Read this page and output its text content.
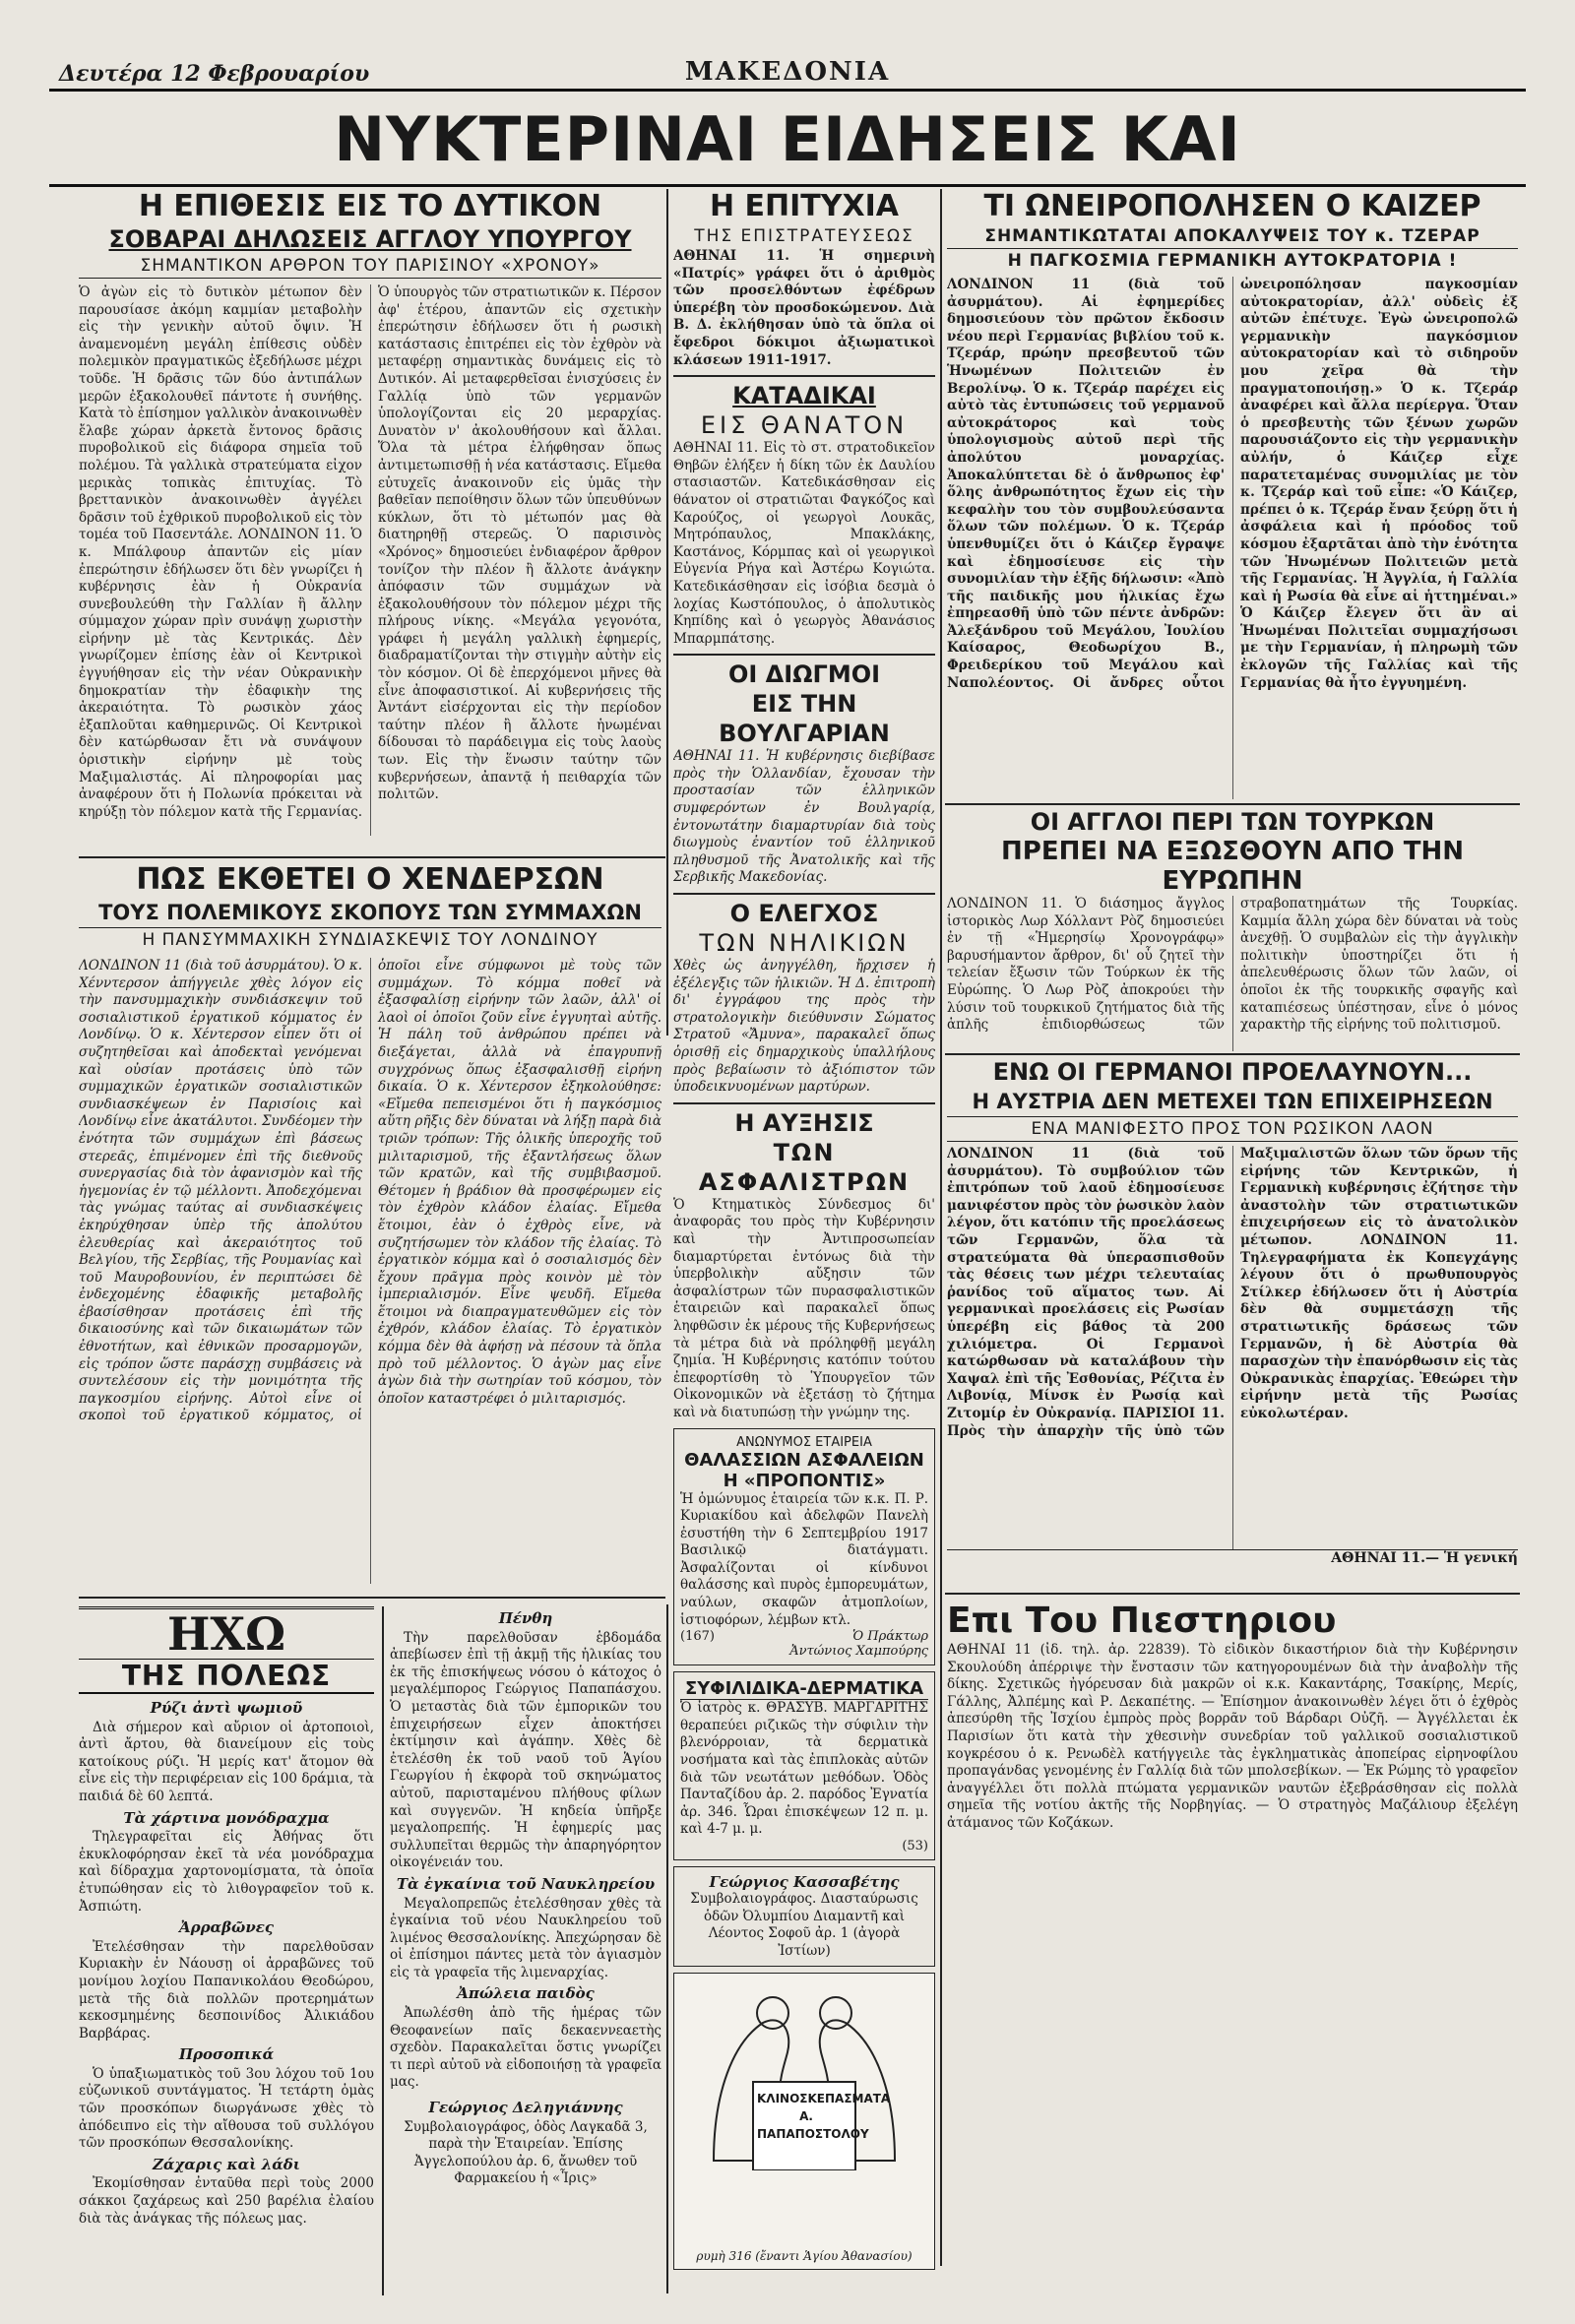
Δευτέρα 12 Φεβρουαρίου	ΜΑΚΕΔΟΝΙΑ
ΝΥΚΤΕΡΙΝΑΙ ΕΙΔΗΣΕΙΣ ΚΑΙ
Η ΕΠΙΘΕΣΙΣ ΕΙΣ ΤΟ ΔΥΤΙΚΟΝ
ΣΟΒΑΡΑΙ ΔΗΛΩΣΕΙΣ ΑΓΓΛΟΥ ΥΠΟΥΡΓΟΥ
ΣΗΜΑΝΤΙΚΟΝ ΑΡΘΡΟΝ ΤΟΥ ΠΑΡΙΣΙΝΟΥ «ΧΡΟΝΟΥ»
Ὁ ἀγὼν εἰς τὸ δυτικὸν μέτωπον δὲν παρουσίασε ἀκόμη καμμίαν μεταβολὴν εἰς τὴν γενικὴν αὐτοῦ ὄψιν. Ἡ ἀναμενομένη μεγάλη ἐπίθεσις οὐδὲν πολεμικὸν πραγματικῶς ἐξεδήλωσε μέχρι τοῦδε. Ἡ δρᾶσις τῶν δύο ἀντιπάλων μερῶν ἐξακολουθεῖ πάντοτε ἡ συνήθης. Κατὰ τὸ ἐπίσημον γαλλικὸν ἀνακοινωθὲν ἔλαβε χώραν ἀρκετὰ ἔντονος δρᾶσις πυροβολικοῦ εἰς διάφορα σημεῖα τοῦ πολέμου. Τὰ γαλλικὰ στρατεύματα εἰχον μερικὰς τοπικὰς ἐπιτυχίας. Τὸ βρεττανικὸν ἀνακοινωθὲν ἀγγέλει δρᾶσιν τοῦ ἐχθρικοῦ πυροβολικοῦ εἰς τὸν τομέα τοῦ Πασεντάλε. ΛΟΝΔΙΝΟΝ 11. Ὁ κ. Μπάλφουρ ἀπαντῶν εἰς μίαν ἐπερώτησιν ἐδήλωσεν ὅτι δὲν γνωρίζει ἡ κυβέρνησις ἐὰν ἡ Οὐκρανία συνεβουλεύθη τὴν Γαλλίαν ἢ ἄλλην σύμμαχον χώραν πρὶν συνάψῃ χωριστὴν εἰρήνην μὲ τὰς Κεντρικάς. Δὲν γνωρίζομεν ἐπίσης ἐὰν οἱ Κεντρικοὶ ἐγγυήθησαν εἰς τὴν νέαν Οὐκρανικὴν δημοκρατίαν τὴν ἐδαφικὴν της ἀκεραιότητα. Τὸ ρωσικὸν χάος ἐξαπλοῦται καθημερινῶς. Οἱ Κεντρικοὶ δὲν κατώρθωσαν ἔτι νὰ συνάψουν ὁριστικὴν εἰρήνην μὲ τοὺς Μαξιμαλιστάς. Αἱ πληροφορίαι μας ἀναφέρουν ὅτι ἡ Πολωνία πρόκειται νὰ κηρύξῃ τὸν πόλεμον κατὰ τῆς Γερμανίας. Ὁ ὑπουργὸς τῶν στρατιωτικῶν κ. Πέρσον ἀφ' ἑτέρου, ἀπαντῶν εἰς σχετικὴν ἐπερώτησιν ἐδήλωσεν ὅτι ἡ ρωσικὴ κατάστασις ἐπιτρέπει εἰς τὸν ἐχθρὸν νὰ μεταφέρῃ σημαντικὰς δυνάμεις εἰς τὸ Δυτικόν. Αἱ μεταφερθεῖσαι ἐνισχύσεις ἐν Γαλλίᾳ ὑπὸ τῶν γερμανῶν ὑπολογίζονται εἰς 20 μεραρχίας. Δυνατὸν ν' ἀκολουθήσουν καὶ ἄλλαι. Ὅλα τὰ μέτρα ἐλήφθησαν ὅπως ἀντιμετωπισθῇ ἡ νέα κατάστασις. Εἴμεθα εὐτυχεῖς ἀνακοινοῦν εἰς ὑμᾶς τὴν βαθεῖαν πεποίθησιν ὅλων τῶν ὑπευθύνων κύκλων, ὅτι τὸ μέτωπόν μας θὰ διατηρηθῇ στερεῶς. Ὁ παρισινὸς «Χρόνος» δημοσιεύει ἐνδιαφέρον ἄρθρον τονίζον τὴν πλέον ἢ ἄλλοτε ἀνάγκην ἀπόφασιν τῶν συμμάχων νὰ ἐξακολουθήσουν τὸν πόλεμον μέχρι τῆς πλήρους νίκης. «Μεγάλα γεγονότα, γράφει ἡ μεγάλη γαλλικὴ ἐφημερίς, διαδραματίζονται τὴν στιγμὴν αὐτὴν εἰς τὸν κόσμον. Οἱ δὲ ἐπερχόμενοι μῆνες θὰ εἶνε ἀποφασιστικοί. Αἱ κυβερνήσεις τῆς Ἀντάντ εἰσέρχονται εἰς τὴν περίοδον ταύτην πλέον ἢ ἄλλοτε ἡνωμέναι δίδουσαι τὸ παράδειγμα εἰς τοὺς λαοὺς των. Εἰς τὴν ἕνωσιν ταύτην τῶν κυβερνήσεων, ἀπαντᾷ ἡ πειθαρχία τῶν πολιτῶν.
ΠΩΣ ΕΚΘΕΤΕΙ Ο ΧΕΝΔΕΡΣΩΝ
ΤΟΥΣ ΠΟΛΕΜΙΚΟΥΣ ΣΚΟΠΟΥΣ ΤΩΝ ΣΥΜΜΑΧΩΝ
Η ΠΑΝΣΥΜΜΑΧΙΚΗ ΣΥΝΔΙΑΣΚΕΨΙΣ ΤΟΥ ΛΟΝΔΙΝΟΥ
ΛΟΝΔΙΝΟΝ 11 (διὰ τοῦ ἀσυρμάτου). Ὁ κ. Χένντερσον ἀπήγγειλε χθὲς λόγον εἰς τὴν πανσυμμαχικὴν συνδιάσκεψιν τοῦ σοσιαλιστικοῦ ἐργατικοῦ κόμματος ἐν Λονδίνῳ. Ὁ κ. Χέντερσον εἶπεν ὅτι οἱ συζητηθεῖσαι καὶ ἀποδεκταὶ γενόμεναι καὶ οὐσίαν προτάσεις ὑπὸ τῶν συμμαχικῶν ἐργατικῶν σοσιαλιστικῶν συνδιασκέψεων ἐν Παρισίοις καὶ Λονδίνῳ εἶνε ἀκατάλυτοι. Συνδέομεν τὴν ἐνότητα τῶν συμμάχων ἐπὶ βάσεως στερεᾶς, ἐπιμένομεν ἐπὶ τῆς διεθνοῦς συνεργασίας διὰ τὸν ἀφανισμὸν καὶ τῆς ἡγεμονίας ἐν τῷ μέλλοντι. Ἀποδεχόμεναι τὰς γνώμας ταύτας αἱ συνδιασκέψεις ἐκηρύχθησαν ὑπὲρ τῆς ἀπολύτου ἐλευθερίας καὶ ἀκεραιότητος τοῦ Βελγίου, τῆς Σερβίας, τῆς Ρουμανίας καὶ τοῦ Μαυροβουνίου, ἐν περιπτώσει δὲ ἐνδεχομένης ἐδαφικῆς μεταβολῆς ἐβασίσθησαν προτάσεις ἐπὶ τῆς δικαιοσύνης καὶ τῶν δικαιωμάτων τῶν ἐθνοτήτων, καὶ ἐθνικῶν προσαρμογῶν, εἰς τρόπον ὥστε παράσχῃ συμβάσεις νὰ συντελέσουν εἰς τὴν μονιμότητα τῆς παγκοσμίου εἰρήνης. Αὐτοὶ εἶνε οἱ σκοποὶ τοῦ ἐργατικοῦ κόμματος, οἱ ὁποῖοι εἶνε σύμφωνοι μὲ τοὺς τῶν συμμάχων. Τὸ κόμμα ποθεῖ νὰ ἐξασφαλίσῃ εἰρήνην τῶν λαῶν, ἀλλ' οἱ λαοὶ οἱ ὁποῖοι ζοῦν εἶνε ἐγγυηταὶ αὐτῆς. Ἡ πάλη τοῦ ἀνθρώπου πρέπει νὰ διεξάγεται, ἀλλὰ νὰ ἐπαγρυπνῇ συγχρόνως ὅπως ἐξασφαλισθῇ εἰρήνη δικαία. Ὁ κ. Χέντερσον ἐξηκολούθησε: «Εἴμεθα πεπεισμένοι ὅτι ἡ παγκόσμιος αὕτη ρῆξις δὲν δύναται νὰ λήξῃ παρὰ διὰ τριῶν τρόπων: Τῆς ὁλικῆς ὑπεροχῆς τοῦ μιλιταρισμοῦ, τῆς ἐξαντλήσεως ὅλων τῶν κρατῶν, καὶ τῆς συμβιβασμοῦ. Θέτομεν ἡ βράδιον θὰ προσφέρωμεν εἰς τὸν ἐχθρὸν κλάδον ἐλαίας. Εἴμεθα ἕτοιμοι, ἐὰν ὁ ἐχθρὸς εἶνε, νὰ συζητήσωμεν τὸν κλάδον τῆς ἐλαίας. Τὸ ἐργατικὸν κόμμα καὶ ὁ σοσιαλισμός δὲν ἔχουν πρᾶγμα πρὸς κοινὸν μὲ τὸν ἰμπεριαλισμόν. Εἶνε ψευδῆ. Εἴμεθα ἕτοιμοι νὰ διαπραγματευθῶμεν εἰς τὸν ἐχθρόν, κλάδον ἐλαίας. Τὸ ἐργατικὸν κόμμα δὲν θὰ ἀφήσῃ νὰ πέσουν τὰ ὅπλα πρὸ τοῦ μέλλοντος. Ὁ ἀγὼν μας εἶνε ἀγὼν διὰ τὴν σωτηρίαν τοῦ κόσμου, τὸν ὁποῖον καταστρέφει ὁ μιλιταρισμός.
ΗΧΩ
ΤΗΣ ΠΟΛΕΩΣ
Ρύζι ἀντὶ ψωμιοῦ

Διὰ σήμερον καὶ αὔριον οἱ ἀρτοποιοὶ, ἀντὶ ἄρτου, θὰ διανείμουν εἰς τοὺς κατοίκους ρύζι. Ἡ μερίς κατ' ἄτομον θὰ εἶνε εἰς τὴν περιφέρειαν εἰς 100 δράμια, τὰ παιδιά δὲ 60 λεπτά.

Τὰ χάρτινα μονόδραχμα

Τηλεγραφεῖται εἰς Ἀθήνας ὅτι ἐκυκλοφόρησαν ἐκεῖ τὰ νέα μονόδραχμα καὶ δίδραχμα χαρτονομίσματα, τὰ ὁποῖα ἐτυπώθησαν εἰς τὸ λιθογραφεῖον τοῦ κ. Ἀσπιώτη.

Ἀρραβῶνες

Ἐτελέσθησαν τὴν παρελθοῦσαν Κυριακὴν ἐν Νάουσῃ οἱ ἀρραβῶνες τοῦ μονίμου λοχίου Παπανικολάου Θεοδώρου, μετὰ τῆς διὰ πολλῶν προτερημάτων κεκοσμημένης δεσποινίδος Ἀλικιάδου Βαρβάρας.

Προσοπικά

Ὁ ὑπαξιωματικὸς τοῦ 3ου λόχου τοῦ 1ου εὐζωνικοῦ συντάγματος. Ἡ τετάρτη ὁμὰς τῶν προσκόπων διωργάνωσε χθὲς τὸ ἀπόδειπνο εἰς τὴν αἴθουσα τοῦ συλλόγου τῶν προσκόπων Θεσσαλονίκης.

Ζάχαρις καὶ λάδι

Ἐκομίσθησαν ἐνταῦθα περὶ τοὺς 2000 σάκκοι ζαχάρεως καὶ 250 βαρέλια ἐλαίου διὰ τὰς ἀνάγκας τῆς πόλεως μας.

Πένθη

Τὴν παρελθοῦσαν ἑβδομάδα ἀπεβίωσεν ἐπὶ τῇ ἀκμῇ τῆς ἡλικίας του ἐκ τῆς ἐπισκήψεως νόσου ὁ κάτοχος ὁ μεγαλέμπορος Γεώργιος Παπαπάσχου. Ὁ μεταστὰς διὰ τῶν ἐμπορικῶν του ἐπιχειρήσεων εἶχεν ἀποκτήσει ἐκτίμησιν καὶ ἀγάπην. Χθὲς δὲ ἐτελέσθη ἐκ τοῦ ναοῦ τοῦ Ἁγίου Γεωργίου ἡ ἐκφορὰ τοῦ σκηνώματος αὐτοῦ, παρισταμένου πλήθους φίλων καὶ συγγενῶν. Ἡ κηδεία ὑπῆρξε μεγαλοπρεπής. Ἡ ἐφημερίς μας συλλυπεῖται θερμῶς τὴν ἀπαρηγόρητον οἰκογένειάν του.

Τὰ ἐγκαίνια τοῦ Ναυκληρείου

Μεγαλοπρεπῶς ἐτελέσθησαν χθὲς τὰ ἐγκαίνια τοῦ νέου Ναυκληρείου τοῦ λιμένος Θεσσαλονίκης. Ἀπεχώρησαν δὲ οἱ ἐπίσημοι πάντες μετὰ τὸν ἁγιασμὸν εἰς τὰ γραφεῖα τῆς λιμεναρχίας.

Ἀπώλεια παιδὸς

Ἀπωλέσθη ἀπὸ τῆς ἡμέρας τῶν Θεοφανείων παῖς δεκαεννεαετὴς σχεδὸν. Παρακαλεῖται ὅστις γνωρίζει τι περὶ αὐτοῦ νὰ εἰδοποιήσῃ τὰ γραφεῖα μας.

Γεώργιος Δεληγιάννης

Συμβολαιογράφος, ὁδὸς Λαγκαδᾶ 3, παρὰ τὴν Ἑταιρείαν. Ἐπίσης Ἀγγελοπούλου ἀρ. 6, ἄνωθεν τοῦ Φαρμακείου ἡ «Ἶρις»

Η ΕΠΙΤΥΧΙΑ
ΤΗΣ ΕΠΙΣΤΡΑΤΕΥΣΕΩΣ
ΑΘΗΝΑΙ 11. Ἡ σημερινὴ «Πατρίς» γράφει ὅτι ὁ ἀριθμὸς τῶν προσελθόντων ἐφέδρων ὑπερέβη τὸν προσδοκώμενον. Διὰ Β. Δ. ἐκλήθησαν ὑπὸ τὰ ὅπλα οἱ ἔφεδροι δόκιμοι ἀξιωματικοὶ κλάσεων 1911-1917.
ΚΑΤΑΔΙΚΑΙ
ΕΙΣ ΘΑΝΑΤΟΝ
ΑΘΗΝΑΙ 11. Εἰς τὸ στ. στρατοδικεῖον Θηβῶν ἐλήξεν ἡ δίκη τῶν ἐκ Δαυλίου στασιαστῶν. Κατεδικάσθησαν εἰς θάνατον οἱ στρατιῶται Φαγκόζος καὶ Καρούζος, οἱ γεωργοὶ Λουκᾶς, Μητρόπαυλος, Μπακλάκης, Καστάνος, Κόρμπας καὶ οἱ γεωργικοὶ Εὐγενία Ρήγα καὶ Ἀστέρω Κογιώτα. Κατεδικάσθησαν εἰς ἰσόβια δεσμὰ ὁ λοχίας Κωστόπουλος, ὁ ἀπολυτικὸς Κηπίδης καὶ ὁ γεωργὸς Ἀθανάσιος Μπαρμπάτσης.
ΟΙ ΔΙΩΓΜΟΙ
ΕΙΣ ΤΗΝ ΒΟΥΛΓΑΡΙΑΝ
ΑΘΗΝΑΙ 11. Ἡ κυβέρνησις διεβίβασε πρὸς τὴν Ὁλλανδίαν, ἔχουσαν τὴν προστασίαν τῶν ἑλληνικῶν συμφερόντων ἐν Βουλγαρίᾳ, ἐντονωτάτην διαμαρτυρίαν διὰ τοὺς διωγμοὺς ἐναντίον τοῦ ἑλληνικοῦ πληθυσμοῦ τῆς Ἀνατολικῆς καὶ τῆς Σερβικῆς Μακεδονίας.
Ο ΕΛΕΓΧΟΣ
ΤΩΝ ΝΗΛΙΚΙΩΝ
Χθὲς ὡς ἀνηγγέλθη, ἤρχισεν ἡ ἐξέλεγξις τῶν ἡλικιῶν. Ἡ Δ. ἐπιτροπὴ δι' ἐγγράφου της πρὸς τὴν στρατολογικὴν διεύθυνσιν Σώματος Στρατοῦ «Ἄμυνα», παρακαλεῖ ὅπως ὁρισθῇ εἰς δημαρχικοὺς ὑπαλλήλους πρὸς βεβαίωσιν τὸ ἀξιόπιστον τῶν ὑποδεικνυομένων μαρτύρων.
Η ΑΥΞΗΣΙΣ
ΤΩΝ ΑΣΦΑΛΙΣΤΡΩΝ
Ὁ Κτηματικὸς Σύνδεσμος δι' ἀναφορᾶς του πρὸς τὴν Κυβέρνησιν καὶ τὴν Ἀντιπροσωπείαν διαμαρτύρεται ἐντόνως διὰ τὴν ὑπερβολικὴν αὔξησιν τῶν ἀσφαλίστρων τῶν πυρασφαλιστικῶν ἑταιρειῶν καὶ παρακαλεῖ ὅπως ληφθῶσιν ἐκ μέρους τῆς Κυβερνήσεως τὰ μέτρα διὰ νὰ πρόληφθῇ μεγάλη ζημία. Ἡ Κυβέρνησις κατόπιν τούτου ἐπεφορτίσθη τὸ Ὑπουργεῖον τῶν Οἰκονομικῶν νὰ ἐξετάσῃ τὸ ζήτημα καὶ νὰ διατυπώσῃ τὴν γνώμην της.
ΑΝΩΝΥΜΟΣ ΕΤΑΙΡΕΙΑ
ΘΑΛΑΣΣΙΩΝ ΑΣΦΑΛΕΙΩΝ
Η «ΠΡΟΠΟΝΤΙΣ»
Ἡ ὁμώνυμος ἑταιρεία τῶν κ.κ. Π. Ρ. Κυριακίδου καὶ ἀδελφῶν Πανελὴ ἐσυστήθη τὴν 6 Σεπτεμβρίου 1917 Βασιλικῷ διατάγματι. Ἀσφαλίζονται οἱ κίνδυνοι θαλάσσης καὶ πυρὸς ἐμπορευμάτων, ναύλων, σκαφῶν ἀτμοπλοίων, ἱστιοφόρων, λέμβων κτλ.
(167)	Ὁ Πράκτωρ
Ἀντώνιος Χαμπούρης
ΣΥΦΙΛΙΔΙΚΑ-ΔΕΡΜΑΤΙΚΑ
Ὁ ἰατρὸς κ. ΘΡΑΣΥΒ. ΜΑΡΓΑΡΙΤΗΣ θεραπεύει ριζικῶς τὴν σύφιλιν τὴν βλενόρροιαν, τὰ δερματικὰ νοσήματα καὶ τὰς ἐπιπλοκὰς αὐτῶν διὰ τῶν νεωτάτων μεθόδων. Ὁδὸς Πανταζίδου ἀρ. 2. παρόδος Ἐγνατία ἀρ. 346. Ὧραι ἐπισκέψεων 12 π. μ. καὶ 4-7 μ. μ.
(53)
Γεώργιος Κασσαβέτης
Συμβολαιογράφος. Διασταύρωσις ὁδῶν Ὀλυμπίου Διαμαντῆ καὶ Λέοντος Σοφοῦ ἀρ. 1 (ἀγορὰ Ἰστίων)
ΚΛΙΝΟΣΚΕΠΑΣΜΑΤΑ
Α. ΠΑΠΑΠΟΣΤΟΛΟΥ
ρυμὴ 316 (ἔναντι Ἁγίου Ἀθανασίου)
ΤΙ ΩΝΕΙΡΟΠΟΛΗΣΕΝ Ο ΚΑΙΖΕΡ
ΣΗΜΑΝΤΙΚΩΤΑΤΑΙ ΑΠΟΚΑΛΥΨΕΙΣ ΤΟΥ κ. ΤΖΕΡΑΡ
Η ΠΑΓΚΟΣΜΙΑ ΓΕΡΜΑΝΙΚΗ ΑΥΤΟΚΡΑΤΟΡΙΑ !
ΛΟΝΔΙΝΟΝ 11 (διὰ τοῦ ἀσυρμάτου). Αἱ ἐφημερίδες δημοσιεύουν τὸν πρῶτον ἔκδοσιν νέου περὶ Γερμανίας βιβλίου τοῦ κ. Τζεράρ, πρώην πρεσβευτοῦ τῶν Ἡνωμένων Πολιτειῶν ἐν Βερολίνῳ. Ὁ κ. Τζεράρ παρέχει εἰς αὐτὸ τὰς ἐντυπώσεις τοῦ γερμανοῦ αὐτοκράτορος καὶ τοὺς ὑπολογισμοὺς αὐτοῦ περὶ τῆς ἀπολύτου μοναρχίας. Ἀποκαλύπτεται δὲ ὁ ἄνθρωπος ἐφ' ὅλης ἀνθρωπότητος ἔχων εἰς τὴν κεφαλὴν του τὸν συμβουλεύσαντα ὅλων τῶν πολέμων. Ὁ κ. Τζεράρ ὑπενθυμίζει ὅτι ὁ Κάιζερ ἔγραψε καὶ ἐδημοσίευσε εἰς τὴν συνομιλίαν τὴν ἑξῆς δήλωσιν: «Ἀπὸ τῆς παιδικῆς μου ἡλικίας ἔχω ἐπηρεασθῆ ὑπὸ τῶν πέντε ἀνδρῶν: Ἀλεξάνδρου τοῦ Μεγάλου, Ἰουλίου Καίσαρος, Θεοδωρίχου Β., Φρειδερίκου τοῦ Μεγάλου καὶ Ναπολέοντος. Οἱ ἄνδρες οὗτοι ὠνειροπόλησαν παγκοσμίαν αὐτοκρατορίαν, ἀλλ' οὐδεὶς ἐξ αὐτῶν ἐπέτυχε. Ἐγὼ ὠνειροπολῶ γερμανικὴν παγκόσμιον αὐτοκρατορίαν καὶ τὸ σιδηροῦν μου χεῖρα θὰ τὴν πραγματοποιήσῃ.» Ὁ κ. Τζεράρ ἀναφέρει καὶ ἄλλα περίεργα. Ὅταν ὁ πρεσβευτὴς τῶν ξένων χωρῶν παρουσιάζοντο εἰς τὴν γερμανικὴν αὐλήν, ὁ Κάιζερ εἶχε παρατεταμένας συνομιλίας με τὸν κ. Τζεράρ καὶ τοῦ εἶπε: «Ὁ Κάιζερ, πρέπει ὁ κ. Τζεράρ ἔναν ξεύρῃ ὅτι ἡ ἀσφάλεια καὶ ἡ πρόοδος τοῦ κόσμου ἐξαρτᾶται ἀπὸ τὴν ἑνότητα τῶν Ἡνωμένων Πολιτειῶν μετὰ τῆς Γερμανίας. Ἡ Ἀγγλία, ἡ Γαλλία καὶ ἡ Ρωσία θὰ εἶνε αἱ ἡττημέναι.» Ὁ Κάιζερ ἔλεγεν ὅτι ἂν αἱ Ἡνωμέναι Πολιτεῖαι συμμαχήσωσι με τὴν Γερμανίαν, ἡ πληρωμὴ τῶν ἐκλογῶν τῆς Γαλλίας καὶ τῆς Γερμανίας θὰ ἦτο ἐγγυημένη.
ΟΙ ΑΓΓΛΟΙ ΠΕΡΙ ΤΩΝ ΤΟΥΡΚΩΝ
ΠΡΕΠΕΙ ΝΑ ΕΞΩΣΘΟΥΝ ΑΠΟ ΤΗΝ ΕΥΡΩΠΗΝ
ΛΟΝΔΙΝΟΝ 11. Ὁ διάσημος ἄγγλος ἱστορικὸς Λωρ Χόλλαντ Ρὸζ δημοσιεύει ἐν τῇ «Ἡμερησίῳ Χρονογράφῳ» βαρυσήμαντον ἄρθρον, δι' οὗ ζητεῖ τὴν τελείαν ἔξωσιν τῶν Τούρκων ἐκ τῆς Εὐρώπης. Ὁ Λωρ Ρὸζ ἀποκρούει τὴν λύσιν τοῦ τουρκικοῦ ζητήματος διὰ τῆς ἁπλῆς ἐπιδιορθώσεως τῶν στραβοπατημάτων τῆς Τουρκίας. Καμμία ἄλλη χώρα δὲν δύναται νὰ τοὺς ἀνεχθῇ. Ὁ συμβαλὼν εἰς τὴν ἀγγλικὴν πολιτικὴν ὑποστηρίζει ὅτι ἡ ἀπελευθέρωσις ὅλων τῶν λαῶν, οἱ ὁποῖοι ἐκ τῆς τουρκικῆς σφαγῆς καὶ καταπιέσεως ὑπέστησαν, εἶνε ὁ μόνος χαρακτὴρ τῆς εἰρήνης τοῦ πολιτισμοῦ.
ΕΝΩ ΟΙ ΓΕΡΜΑΝΟΙ ΠΡΟΕΛΑΥΝΟΥΝ...
Η ΑΥΣΤΡΙΑ ΔΕΝ ΜΕΤΕΧΕΙ ΤΩΝ ΕΠΙΧΕΙΡΗΣΕΩΝ
ΕΝΑ ΜΑΝΙΦΕΣΤΟ ΠΡΟΣ ΤΟΝ ΡΩΣΙΚΟΝ ΛΑΟΝ
ΛΟΝΔΙΝΟΝ 11 (διὰ τοῦ ἀσυρμάτου). Τὸ συμβούλιον τῶν ἐπιτρόπων τοῦ λαοῦ ἐδημοσίευσε μανιφέστον πρὸς τὸν ῥωσικὸν λαὸν λέγον, ὅτι κατόπιν τῆς προελάσεως τῶν Γερμανῶν, ὅλα τὰ στρατεύματα θὰ ὑπερασπισθοῦν τὰς θέσεις των μέχρι τελευταίας ῥανίδος τοῦ αἵματος των. Αἱ γερμανικαὶ προελάσεις εἰς Ρωσίαν ὑπερέβη εἰς βάθος τὰ 200 χιλιόμετρα. Οἱ Γερμανοὶ κατώρθωσαν νὰ καταλάβουν τὴν Χαψαλ ἐπὶ τῆς Ἐσθονίας, Ρέζιτα ἐν Λιβονίᾳ, Μίνσκ ἐν Ρωσίᾳ καὶ Ζιτομίρ ἐν Οὐκρανίᾳ. ΠΑΡΙΣΙΟΙ 11. Πρὸς τὴν ἀπαρχὴν τῆς ὑπὸ τῶν Μαξιμαλιστῶν ὅλων τῶν ὅρων τῆς εἰρήνης τῶν Κεντρικῶν, ἡ Γερμανικὴ κυβέρνησις ἐζήτησε τὴν ἀναστολὴν τῶν στρατιωτικῶν ἐπιχειρήσεων εἰς τὸ ἀνατολικὸν μέτωπον. ΛΟΝΔΙΝΟΝ 11. Τηλεγραφήματα ἐκ Κοπεγχάγης λέγουν ὅτι ὁ πρωθυπουργὸς Στίλκερ ἐδήλωσεν ὅτι ἡ Αὐστρία δὲν θὰ συμμετάσχῃ τῆς στρατιωτικῆς δράσεως τῶν Γερμανῶν, ἡ δὲ Αὐστρία θὰ παρασχὼν τὴν ἐπανόρθωσιν εἰς τὰς Οὐκρανικὰς ἐπαρχίας. Ἐθεώρει τὴν εἰρήνην μετὰ τῆς Ρωσίας εὐκολωτέραν.
ΑΘΗΝΑΙ 11.— Ἡ γενική
Επι Του Πιεστηριου
ΑΘΗΝΑΙ 11 (ἰδ. τηλ. ἀρ. 22839). Τὸ εἰδικὸν δικαστήριον διὰ τὴν Κυβέρνησιν Σκουλούδη ἀπέρριψε τὴν ἔνστασιν τῶν κατηγορουμένων διὰ τὴν ἀναβολὴν τῆς δίκης. Σχετικῶς ἠγόρευσαν διὰ μακρῶν οἱ κ.κ. Κακαντάρης, Τσακίρης, Μερίς, Γάλλης, Ἀλπέμης καὶ Ρ. Δεκαπέτης. — Ἐπίσημον ἀνακοινωθὲν λέγει ὅτι ὁ ἐχθρὸς ἀπεσύρθη τῆς Ἰσχίου ἐμπρὸς πρὸς βορρᾶν τοῦ Βάρδαρι Οὐζῆ. — Ἀγγέλλεται ἐκ Παρισίων ὅτι κατὰ τὴν χθεσινὴν συνεδρίαν τοῦ γαλλικοῦ σοσιαλιστικοῦ κογκρέσου ὁ κ. Ρενωδὲλ κατήγγειλε τὰς ἐγκληματικὰς ἀποπείρας εἰρηνοφίλου προπαγάνδας γενομένης ἐν Γαλλίᾳ διὰ τῶν μπολσεβίκων. — Ἐκ Ρώμης τὸ γραφεῖον ἀναγγέλλει ὅτι πολλὰ πτώματα γερμανικῶν ναυτῶν ἐξεβράσθησαν εἰς πολλὰ σημεῖα τῆς νοτίου ἀκτῆς τῆς Νορβηγίας. — Ὁ στρατηγὸς Μαζάλιουρ ἐξελέγη ἀτάμανος τῶν Κοζάκων.
